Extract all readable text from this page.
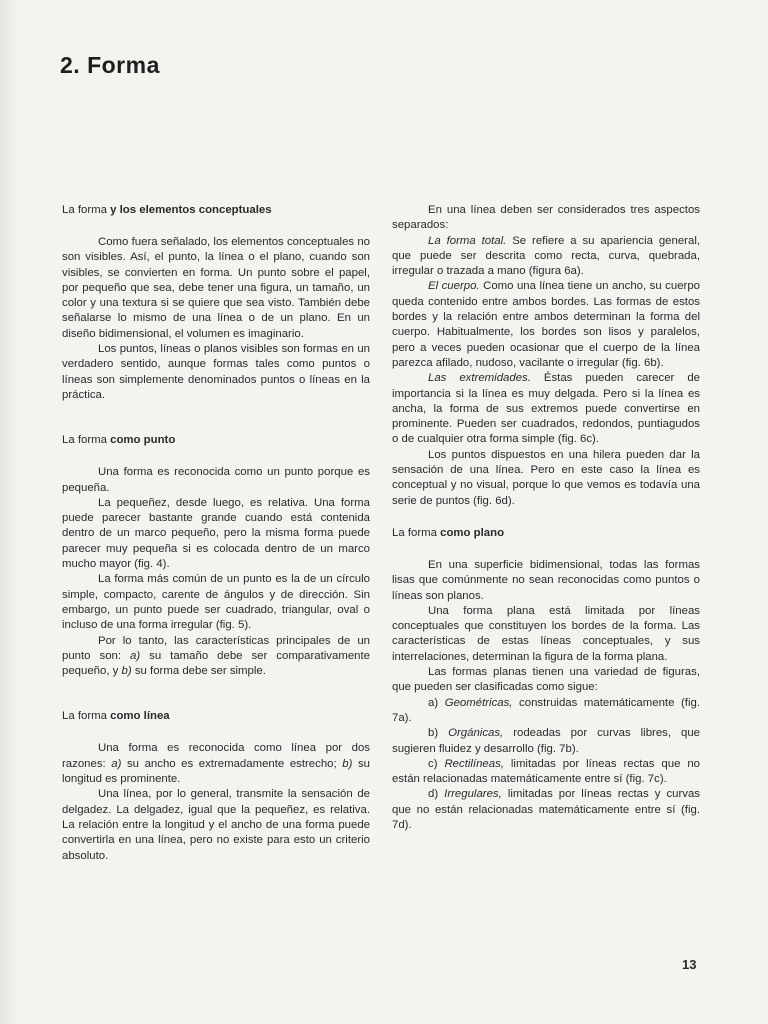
2. Forma
La forma y los elementos conceptuales

Como fuera señalado, los elementos conceptuales no son visibles. Así, el punto, la línea o el plano, cuando son visibles, se convierten en forma. Un punto sobre el papel, por pequeño que sea, debe tener una figura, un tamaño, un color y una textura si se quiere que sea visto. También debe señalarse lo mismo de una línea o de un plano. En un diseño bidimensional, el volumen es imaginario.

Los puntos, líneas o planos visibles son formas en un verdadero sentido, aunque formas tales como puntos o líneas son simplemente denominados puntos o líneas en la práctica.

La forma como punto

Una forma es reconocida como un punto porque es pequeña.

La pequeñez, desde luego, es relativa. Una forma puede parecer bastante grande cuando está contenida dentro de un marco pequeño, pero la misma forma puede parecer muy pequeña si es colocada dentro de un marco mucho mayor (fig. 4).

La forma más común de un punto es la de un círculo simple, compacto, carente de ángulos y de dirección. Sin embargo, un punto puede ser cuadrado, triangular, oval o incluso de una forma irregular (fig. 5).

Por lo tanto, las características principales de un punto son: a) su tamaño debe ser comparativamente pequeño, y b) su forma debe ser simple.

La forma como línea

Una forma es reconocida como línea por dos razones: a) su ancho es extremadamente estrecho; b) su longitud es prominente.

Una línea, por lo general, transmite la sensación de delgadez. La delgadez, igual que la pequeñez, es relativa. La relación entre la longitud y el ancho de una forma puede convertirla en una línea, pero no existe para esto un criterio absoluto.

En una línea deben ser considerados tres aspectos separados:

La forma total. Se refiere a su apariencia general, que puede ser descrita como recta, curva, quebrada, irregular o trazada a mano (figura 6a).

El cuerpo. Como una línea tiene un ancho, su cuerpo queda contenido entre ambos bordes. Las formas de estos bordes y la relación entre ambos determinan la forma del cuerpo. Habitualmente, los bordes son lisos y paralelos, pero a veces pueden ocasionar que el cuerpo de la línea parezca afilado, nudoso, vacilante o irregular (fig. 6b).

Las extremidades. Éstas pueden carecer de importancia si la línea es muy delgada. Pero si la línea es ancha, la forma de sus extremos puede convertirse en prominente. Pueden ser cuadrados, redondos, puntiagudos o de cualquier otra forma simple (fig. 6c).

Los puntos dispuestos en una hilera pueden dar la sensación de una línea. Pero en este caso la línea es conceptual y no visual, porque lo que vemos es todavía una serie de puntos (fig. 6d).

La forma como plano

En una superficie bidimensional, todas las formas lisas que comúnmente no sean reconocidas como puntos o líneas son planos.

Una forma plana está limitada por líneas conceptuales que constituyen los bordes de la forma. Las características de estas líneas conceptuales, y sus interrelaciones, determinan la figura de la forma plana.

Las formas planas tienen una variedad de figuras, que pueden ser clasificadas como sigue:

a) Geométricas, construidas matemáticamente (fig. 7a).

b) Orgánicas, rodeadas por curvas libres, que sugieren fluidez y desarrollo (fig. 7b).

c) Rectilíneas, limitadas por líneas rectas que no están relacionadas matemáticamente entre sí (fig. 7c).

d) Irregulares, limitadas por líneas rectas y curvas que no están relacionadas matemáticamente entre sí (fig. 7d).

13
